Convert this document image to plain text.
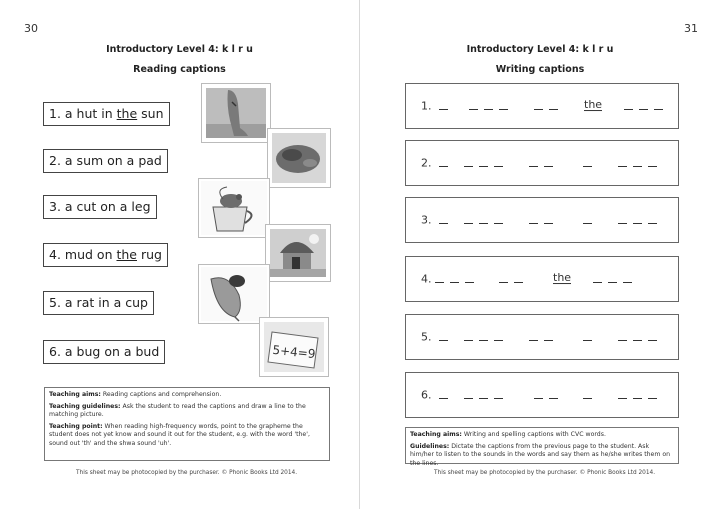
30
Introductory Level 4: k l r u
Reading captions
1. a hut in the sun
2. a sum on a pad
3. a cut on a leg
4. mud on the rug
5. a rat in a cup
6. a bug on a bud	5+4=9

Teaching aims: Reading captions and comprehension.

Teaching guidelines: Ask the student to read the captions and draw a line to the matching picture.

Teaching point: When reading high-frequency words, point to the grapheme the student does not yet know and sound it out for the student, e.g. with the word 'the', sound out 'th' and the shwa sound 'uh'.

This sheet may be photocopied by the purchaser. © Phonic Books Ltd 2014.
31
Introductory Level 4: k l r u
Writing captions
1.	the
2.
3.
4.	the
5.
6.

Teaching aims: Writing and spelling captions with CVC words.

Guidelines: Dictate the captions from the previous page to the student. Ask him/her to listen to the sounds in the words and say them as he/she writes them on the lines.

This sheet may be photocopied by the purchaser. © Phonic Books Ltd 2014.
